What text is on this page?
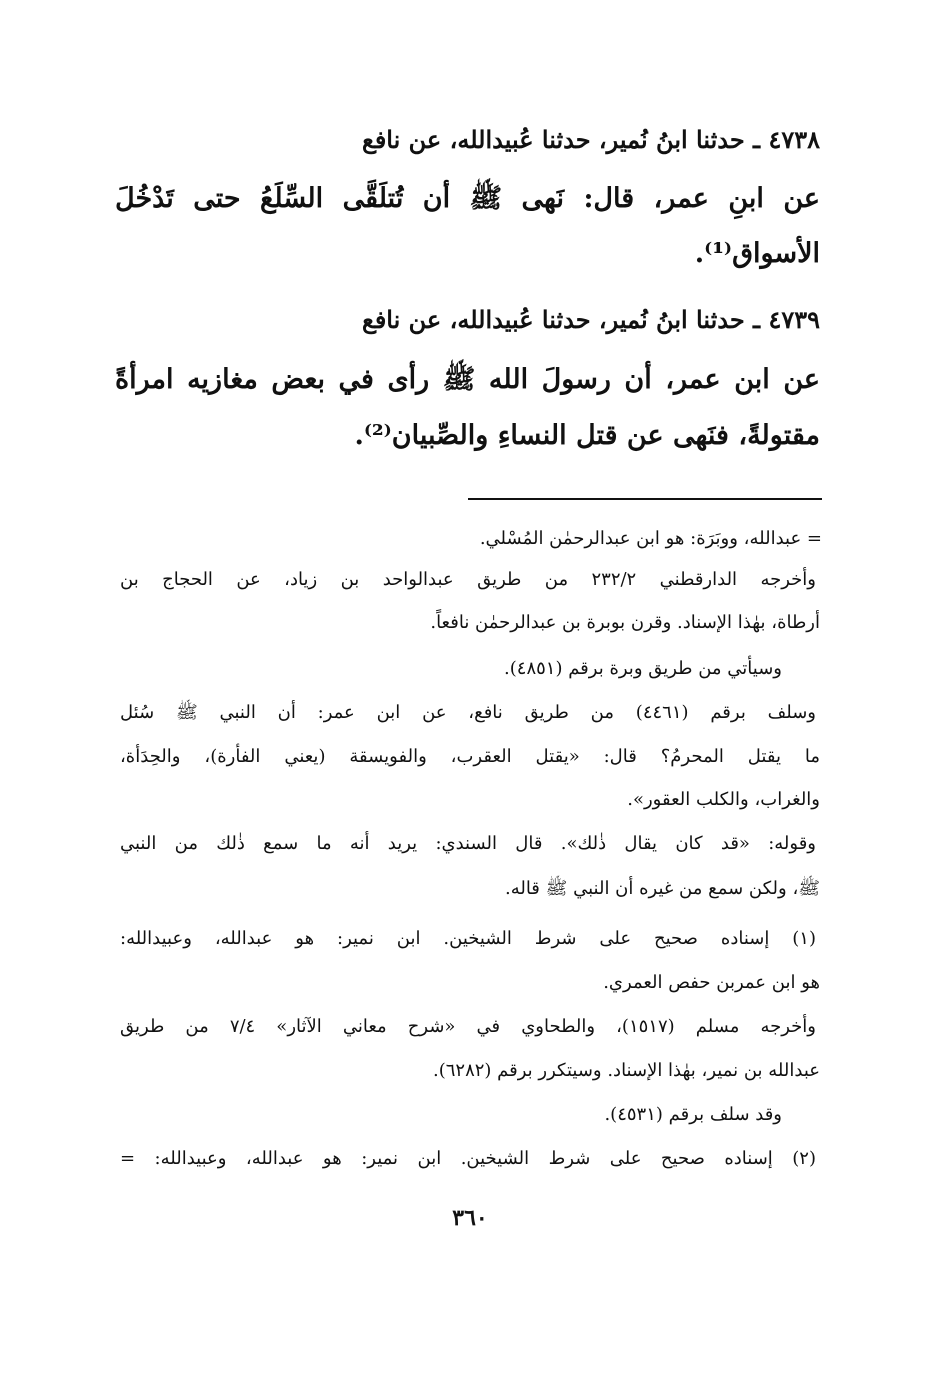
٤٧٣٨ ـ حدثنا ابنُ نُمير، حدثنا عُبيدالله، عن نافع
عن ابنِ عمر، قال: نَهى ﷺ أن تُتلَقَّى السِّلَعُ حتى تَدْخُلَ
الأسواق⁽¹⁾.
٤٧٣٩ ـ حدثنا ابنُ نُمير، حدثنا عُبيدالله، عن نافع
عن ابن عمر، أن رسولَ الله ﷺ رأى في بعض مغازيه امرأةً
مقتولةً، فنَهى عن قتل النساءِ والصِّبيان⁽²⁾.
= عبدالله، ووبَرَة: هو ابن عبدالرحمٰن المُسْلي.
وأخرجه الدارقطني ٢٣٢/٢ من طريق عبدالواحد بن زياد، عن الحجاج بن
أرطاة، بهٰذا الإسناد. وقرن بوبرة بن عبدالرحمٰن نافعاً.
وسيأتي من طريق وبرة برقم (٤٨٥١).
وسلف برقم (٤٤٦١) من طريق نافع، عن ابن عمر: أن النبي ﷺ سُئل
ما يقتل المحرمُ؟ قال: «يقتل العقرب، والفويسقة (يعني الفأرة)، والحِدَأة،
والغراب، والكلب العقور».
وقوله: «قد كان يقال ذٰلك». قال السندي: يريد أنه ما سمع ذٰلك من النبي
ﷺ، ولكن سمع من غيره أن النبي ﷺ قاله.
(١) إسناده صحيح على شرط الشيخين. ابن نمير: هو عبدالله، وعبيدالله:
هو ابن عمربن حفص العمري.
وأخرجه مسلم (١٥١٧)، والطحاوي في «شرح معاني الآثار» ٧/٤ من طريق
عبدالله بن نمير، بهٰذا الإسناد. وسيتكرر برقم (٦٢٨٢).
وقد سلف برقم (٤٥٣١).
(٢) إسناده صحيح على شرط الشيخين. ابن نمير: هو عبدالله، وعبيدالله: =
٣٦٠
